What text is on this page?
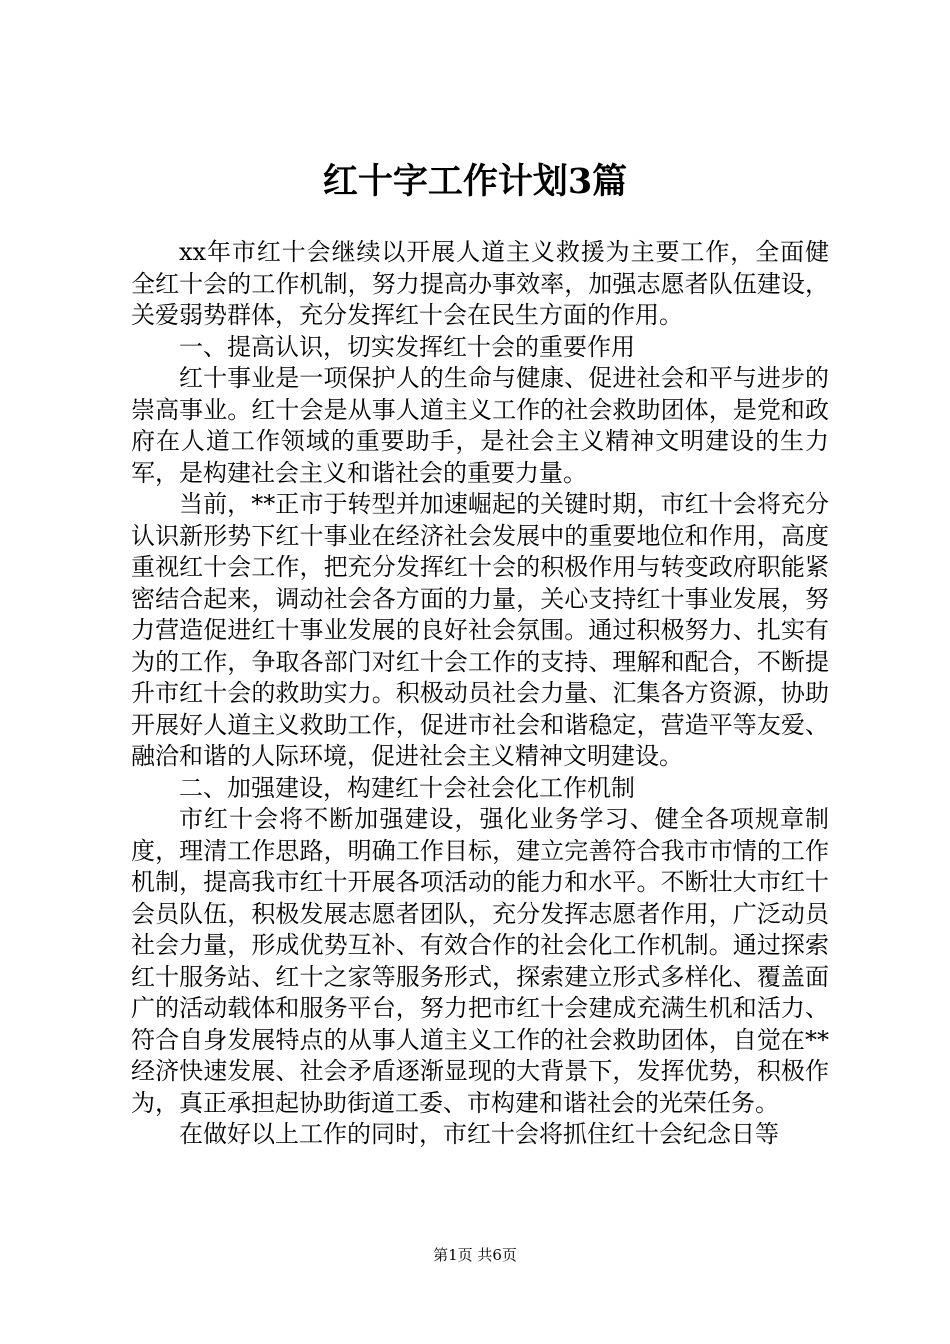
红十字工作计划3篇

xx年市红十会继续以开展人道主义救援为主要工作，全面健全红十会的工作机制，努力提高办事效率，加强志愿者队伍建设，关爱弱势群体，充分发挥红十会在民生方面的作用。

一、提高认识，切实发挥红十会的重要作用

红十事业是一项保护人的生命与健康、促进社会和平与进步的崇高事业。红十会是从事人道主义工作的社会救助团体，是党和政府在人道工作领域的重要助手，是社会主义精神文明建设的生力军，是构建社会主义和谐社会的重要力量。

当前，**正市于转型并加速崛起的关键时期，市红十会将充分认识新形势下红十事业在经济社会发展中的重要地位和作用，高度重视红十会工作，把充分发挥红十会的积极作用与转变政府职能紧密结合起来，调动社会各方面的力量，关心支持红十事业发展，努力营造促进红十事业发展的良好社会氛围。通过积极努力、扎实有为的工作，争取各部门对红十会工作的支持、理解和配合，不断提升市红十会的救助实力。积极动员社会力量、汇集各方资源，协助开展好人道主义救助工作，促进市社会和谐稳定，营造平等友爱、融洽和谐的人际环境，促进社会主义精神文明建设。

二、加强建设，构建红十会社会化工作机制

市红十会将不断加强建设，强化业务学习、健全各项规章制度，理清工作思路，明确工作目标，建立完善符合我市市情的工作机制，提高我市红十开展各项活动的能力和水平。不断壮大市红十会员队伍，积极发展志愿者团队，充分发挥志愿者作用，广泛动员社会力量，形成优势互补、有效合作的社会化工作机制。通过探索红十服务站、红十之家等服务形式，探索建立形式多样化、覆盖面广的活动载体和服务平台，努力把市红十会建成充满生机和活力、符合自身发展特点的从事人道主义工作的社会救助团体，自觉在**经济快速发展、社会矛盾逐渐显现的大背景下，发挥优势，积极作为，真正承担起协助街道工委、市构建和谐社会的光荣任务。

在做好以上工作的同时，市红十会将抓住红十会纪念日等

第1页 共6页
